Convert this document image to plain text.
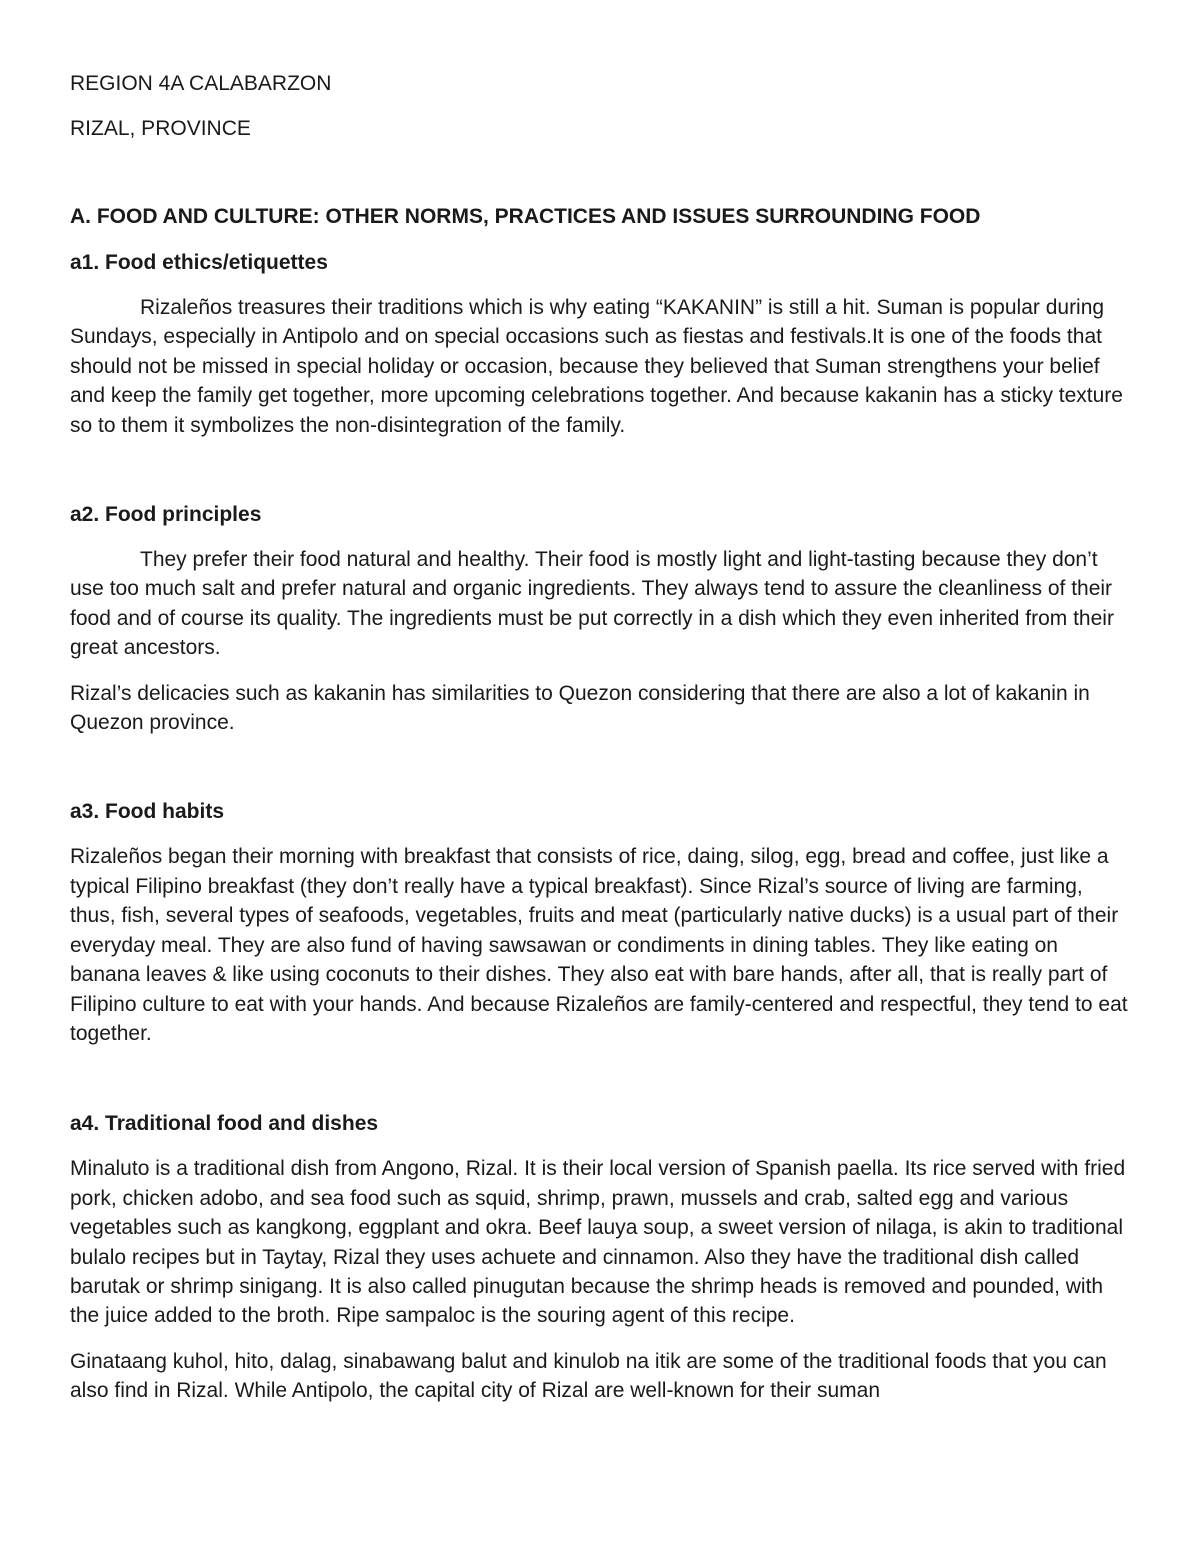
REGION 4A CALABARZON

RIZAL, PROVINCE

A. FOOD AND CULTURE: OTHER NORMS, PRACTICES AND ISSUES SURROUNDING FOOD

a1. Food ethics/etiquettes

Rizaleños treasures their traditions which is why eating “KAKANIN” is still a hit. Suman is popular during Sundays, especially in Antipolo and on special occasions such as fiestas and festivals.It is one of the foods that should not be missed in special holiday or occasion, because they believed that Suman strengthens your belief and keep the family get together, more upcoming celebrations together. And because kakanin has a sticky texture so to them it symbolizes the non-disintegration of the family.

a2. Food principles

They prefer their food natural and healthy. Their food is mostly light and light-tasting because they don’t use too much salt and prefer natural and organic ingredients. They always tend to assure the cleanliness of their food and of course its quality. The ingredients must be put correctly in a dish which they even inherited from their great ancestors.

Rizal’s delicacies such as kakanin has similarities to Quezon considering that there are also a lot of kakanin in Quezon province.

a3. Food habits

Rizaleños began their morning with breakfast that consists of rice, daing, silog, egg, bread and coffee, just like a typical Filipino breakfast (they don’t really have a typical breakfast). Since Rizal’s source of living are farming, thus, fish, several types of seafoods, vegetables, fruits and meat (particularly native ducks) is a usual part of their everyday meal. They are also fund of having sawsawan or condiments in dining tables. They like eating on banana leaves & like using coconuts to their dishes. They also eat with bare hands, after all, that is really part of Filipino culture to eat with your hands. And because Rizaleños are family-centered and respectful, they tend to eat together.

a4. Traditional food and dishes

Minaluto is a traditional dish from Angono, Rizal. It is their local version of Spanish paella. Its rice served with fried pork, chicken adobo, and sea food such as squid, shrimp, prawn, mussels and crab, salted egg and various vegetables such as kangkong, eggplant and okra. Beef lauya soup, a sweet version of nilaga, is akin to traditional bulalo recipes but in Taytay, Rizal they uses achuete and cinnamon. Also they have the traditional dish called barutak or shrimp sinigang. It is also called pinugutan because the shrimp heads is removed and pounded, with the juice added to the broth. Ripe sampaloc is the souring agent of this recipe.

Ginataang kuhol, hito, dalag, sinabawang balut and kinulob na itik are some of the traditional foods that you can also find in Rizal. While Antipolo, the capital city of Rizal are well-known for their suman
